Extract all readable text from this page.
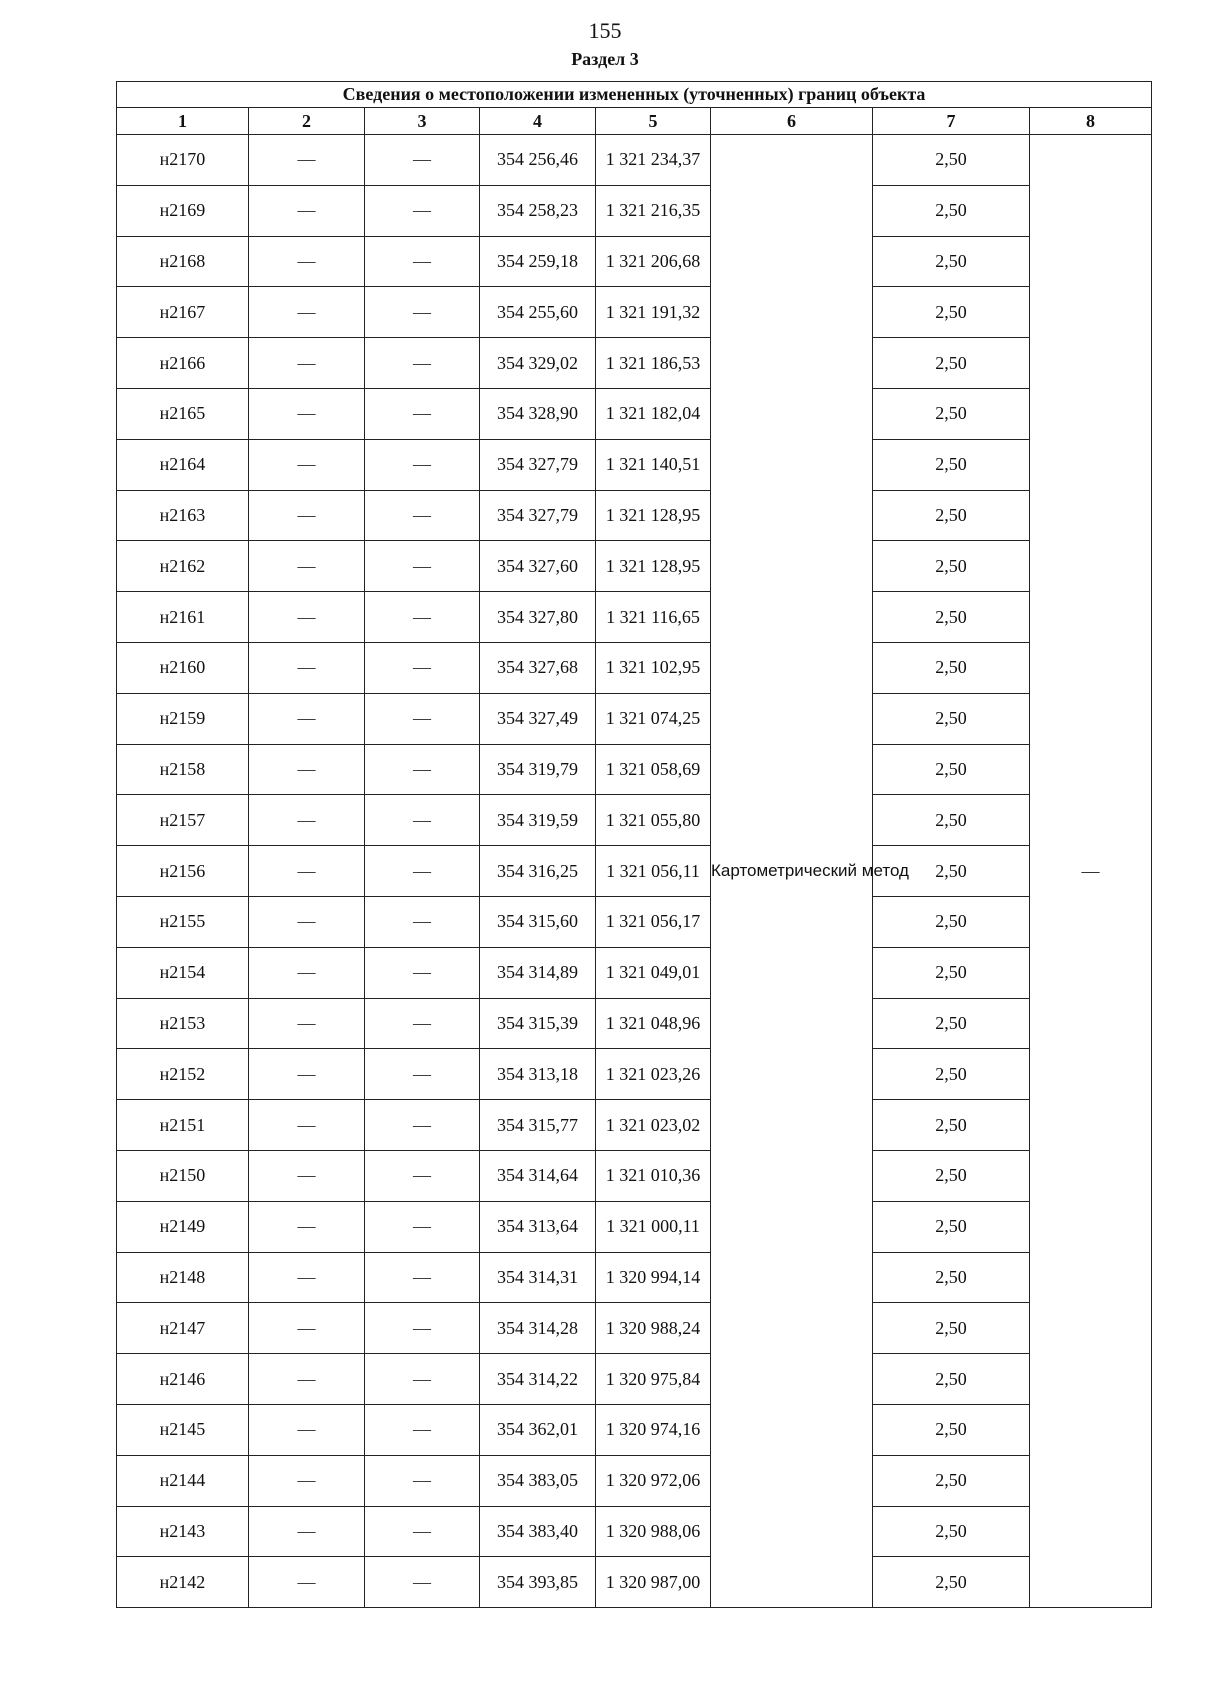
155
Раздел 3
Сведения о местоположении измененных (уточненных) границ объекта							
1	2	3	4	5	6	7	8
н2170	—	—	354 256,46	1 321 234,37	Картометрический метод	2,50	—
н2169	—	—	354 258,23	1 321 216,35		2,50	
н2168	—	—	354 259,18	1 321 206,68		2,50	
н2167	—	—	354 255,60	1 321 191,32		2,50	
н2166	—	—	354 329,02	1 321 186,53		2,50	
н2165	—	—	354 328,90	1 321 182,04		2,50	
н2164	—	—	354 327,79	1 321 140,51		2,50	
н2163	—	—	354 327,79	1 321 128,95		2,50	
н2162	—	—	354 327,60	1 321 128,95		2,50	
н2161	—	—	354 327,80	1 321 116,65		2,50	
н2160	—	—	354 327,68	1 321 102,95		2,50	
н2159	—	—	354 327,49	1 321 074,25		2,50	
н2158	—	—	354 319,79	1 321 058,69		2,50	
н2157	—	—	354 319,59	1 321 055,80		2,50	
н2156	—	—	354 316,25	1 321 056,11		2,50	
н2155	—	—	354 315,60	1 321 056,17		2,50	
н2154	—	—	354 314,89	1 321 049,01		2,50	
н2153	—	—	354 315,39	1 321 048,96		2,50	
н2152	—	—	354 313,18	1 321 023,26		2,50	
н2151	—	—	354 315,77	1 321 023,02		2,50	
н2150	—	—	354 314,64	1 321 010,36		2,50	
н2149	—	—	354 313,64	1 321 000,11		2,50	
н2148	—	—	354 314,31	1 320 994,14		2,50	
н2147	—	—	354 314,28	1 320 988,24		2,50	
н2146	—	—	354 314,22	1 320 975,84		2,50	
н2145	—	—	354 362,01	1 320 974,16		2,50	
н2144	—	—	354 383,05	1 320 972,06		2,50	
н2143	—	—	354 383,40	1 320 988,06		2,50	
н2142	—	—	354 393,85	1 320 987,00		2,50	
